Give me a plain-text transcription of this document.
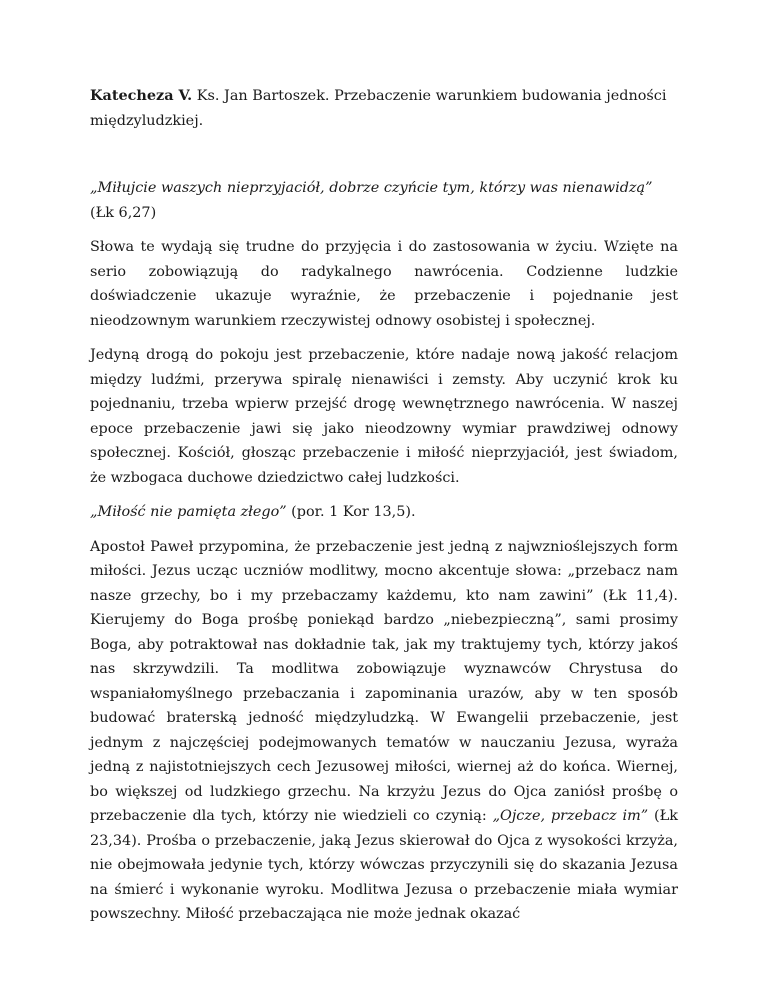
Katecheza V. Ks. Jan Bartoszek. Przebaczenie warunkiem budowania jedności międzyludzkiej.

„Miłujcie waszych nieprzyjaciół, dobrze czyńcie tym, którzy was nienawidzą” (Łk 6,27)

Słowa te wydają się trudne do przyjęcia i do zastosowania w życiu. Wzięte na serio zobowiązują do radykalnego nawrócenia. Codzienne ludzkie doświadczenie ukazuje wyraźnie, że przebaczenie i pojednanie jest nieodzownym warunkiem rzeczywistej odnowy osobistej i społecznej.

Jedyną drogą do pokoju jest przebaczenie, które nadaje nową jakość relacjom między ludźmi, przerywa spiralę nienawiści i zemsty. Aby uczynić krok ku pojednaniu, trzeba wpierw przejść drogę wewnętrznego nawrócenia. W naszej epoce przebaczenie jawi się jako nieodzowny wymiar prawdziwej odnowy społecznej. Kościół, głosząc przebaczenie i miłość nieprzyjaciół, jest świadom, że wzbogaca duchowe dziedzictwo całej ludzkości.

„Miłość nie pamięta złego” (por. 1 Kor 13,5).

Apostoł Paweł przypomina, że przebaczenie jest jedną z najwznioślejszych form miłości. Jezus ucząc uczniów modlitwy, mocno akcentuje słowa: „przebacz nam nasze grzechy, bo i my przebaczamy każdemu, kto nam zawini” (Łk 11,4). Kierujemy do Boga prośbę poniekąd bardzo „niebezpieczną”, sami prosimy Boga, aby potraktował nas dokładnie tak, jak my traktujemy tych, którzy jakoś nas skrzywdzili. Ta modlitwa zobowiązuje wyznawców Chrystusa do wspaniałomyślnego przebaczania i zapominania urazów, aby w ten sposób budować braterską jedność międzyludzką. W Ewangelii przebaczenie, jest jednym z najczęściej podejmowanych tematów w nauczaniu Jezusa, wyraża jedną z najistotniejszych cech Jezusowej miłości, wiernej aż do końca. Wiernej, bo większej od ludzkiego grzechu. Na krzyżu Jezus do Ojca zaniósł prośbę o przebaczenie dla tych, którzy nie wiedzieli co czynią: „Ojcze, przebacz im” (Łk 23,34). Prośba o przebaczenie, jaką Jezus skierował do Ojca z wysokości krzyża, nie obejmowała jedynie tych, którzy wówczas przyczynili się do skazania Jezusa na śmierć i wykonanie wyroku. Modlitwa Jezusa o przebaczenie miała wymiar powszechny. Miłość przebaczająca nie może jednak okazać
